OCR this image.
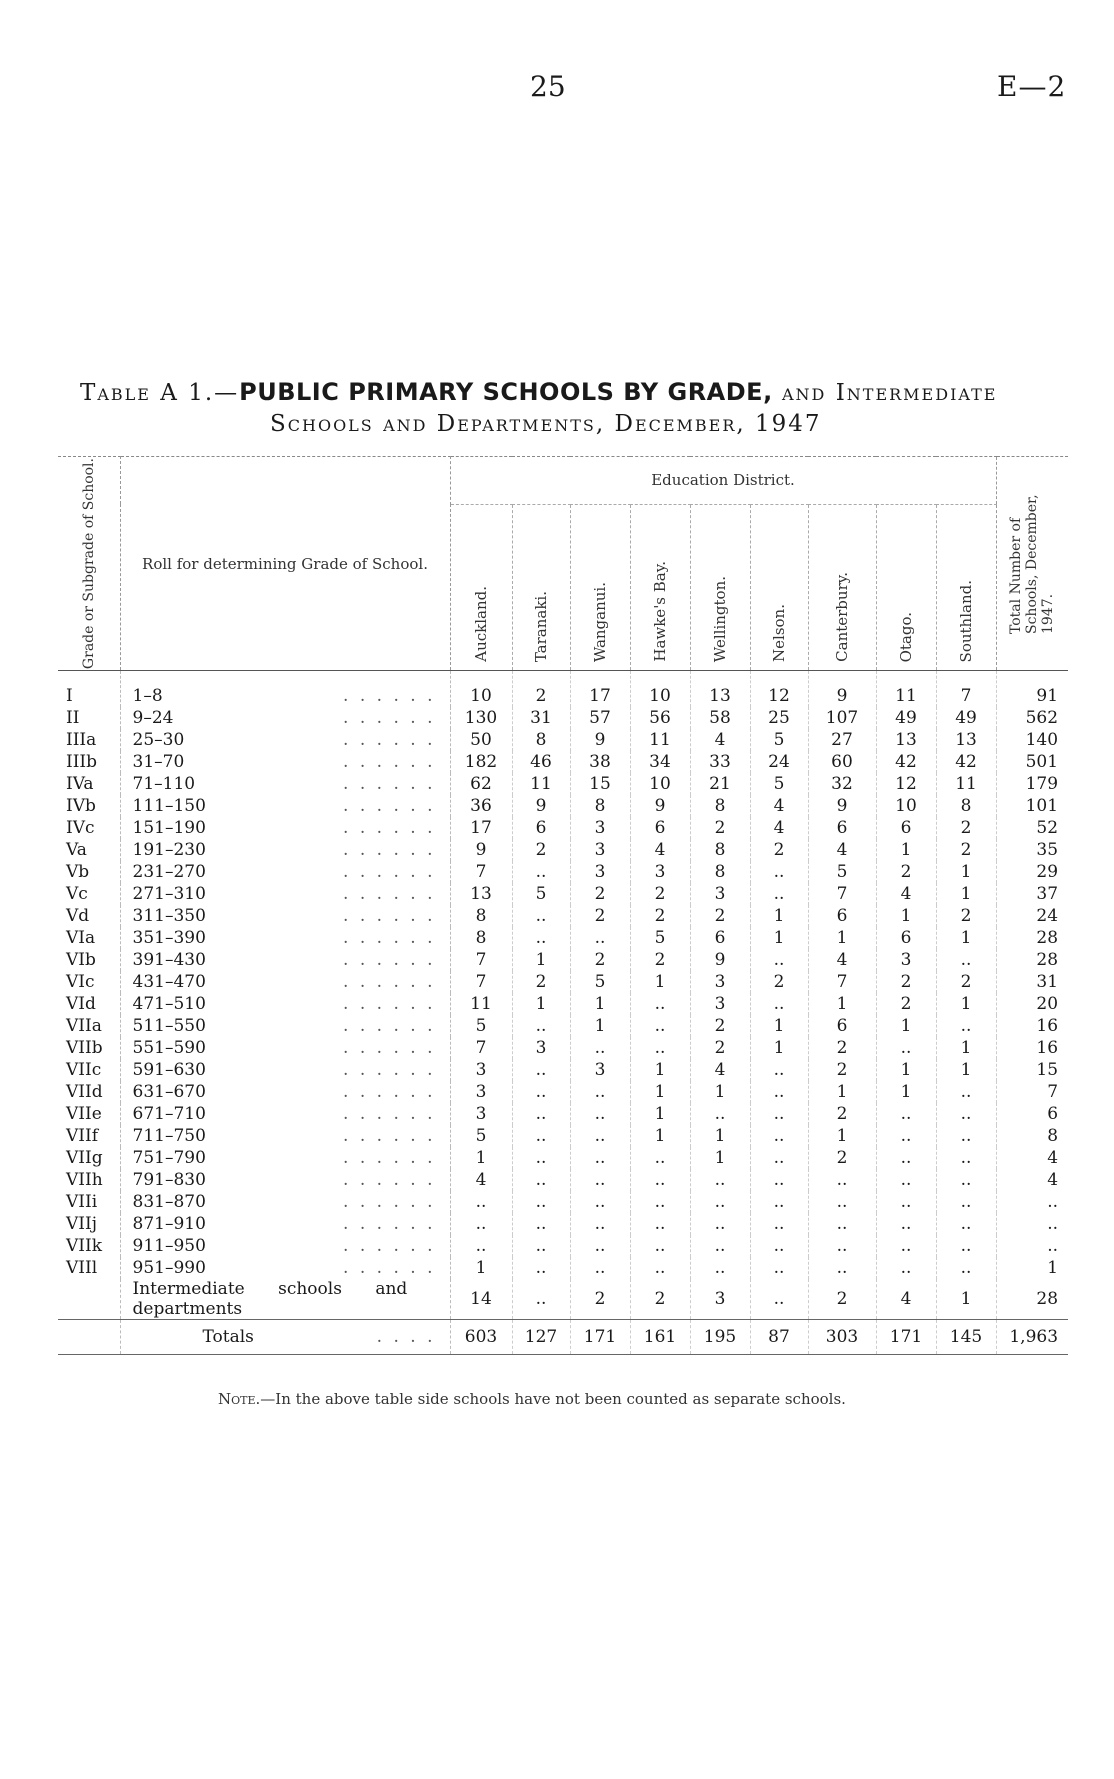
25	E—2
Table A 1.—PUBLIC PRIMARY SCHOOLS BY GRADE, and Intermediate
Schools and Departments, December, 1947
Grade or Subgrade of School.	Roll for determining Grade of School.	Education District.									Total Number of Schools, December, 1947.

		Auckland.	Taranaki.	Wanganui.	Hawke's Bay.	Wellington.	Nelson.	Canterbury.	Otago.	Southland.	

I	1–8 . . . . . .	10	2	17	10	13	12	9	11	7	91
II	9–24 . . . . . .	130	31	57	56	58	25	107	49	49	562
IIIa	25–30 . . . . . .	50	8	9	11	4	5	27	13	13	140
IIIb	31–70 . . . . . .	182	46	38	34	33	24	60	42	42	501
IVa	71–110 . . . . . .	62	11	15	10	21	5	32	12	11	179
IVb	111–150 . . . . . .	36	9	8	9	8	4	9	10	8	101
IVc	151–190 . . . . . .	17	6	3	6	2	4	6	6	2	52
Va	191–230 . . . . . .	9	2	3	4	8	2	4	1	2	35
Vb	231–270 . . . . . .	7	..	3	3	8	..	5	2	1	29
Vc	271–310 . . . . . .	13	5	2	2	3	..	7	4	1	37
Vd	311–350 . . . . . .	8	..	2	2	2	1	6	1	2	24
VIa	351–390 . . . . . .	8	..	..	5	6	1	1	6	1	28
VIb	391–430 . . . . . .	7	1	2	2	9	..	4	3	..	28
VIc	431–470 . . . . . .	7	2	5	1	3	2	7	2	2	31
VId	471–510 . . . . . .	11	1	1	..	3	..	1	2	1	20
VIIa	511–550 . . . . . .	5	..	1	..	2	1	6	1	..	16
VIIb	551–590 . . . . . .	7	3	..	..	2	1	2	..	1	16
VIIc	591–630 . . . . . .	3	..	3	1	4	..	2	1	1	15
VIId	631–670 . . . . . .	3	..	..	1	1	..	1	1	..	7
VIIe	671–710 . . . . . .	3	..	..	1	..	..	2	..	..	6
VIIf	711–750 . . . . . .	5	..	..	1	1	..	1	..	..	8
VIIg	751–790 . . . . . .	1	..	..	..	1	..	2	..	..	4
VIIh	791–830 . . . . . .	4	..	..	..	..	..	..	..	..	4
VIIi	831–870 . . . . . .	..	..	..	..	..	..	..	..	..	..
VIIj	871–910 . . . . . .	..	..	..	..	..	..	..	..	..	..
VIIk	911–950 . . . . . .	..	..	..	..	..	..	..	..	..	..
VIIl	951–990 . . . . . .	1	..	..	..	..	..	..	..	..	1
	Intermediate schools and departments	14	..	2	2	3	..	2	4	1	28
	Totals . . . .	603	127	171	161	195	87	303	171	145	1,963
Note.—In the above table side schools have not been counted as separate schools.
